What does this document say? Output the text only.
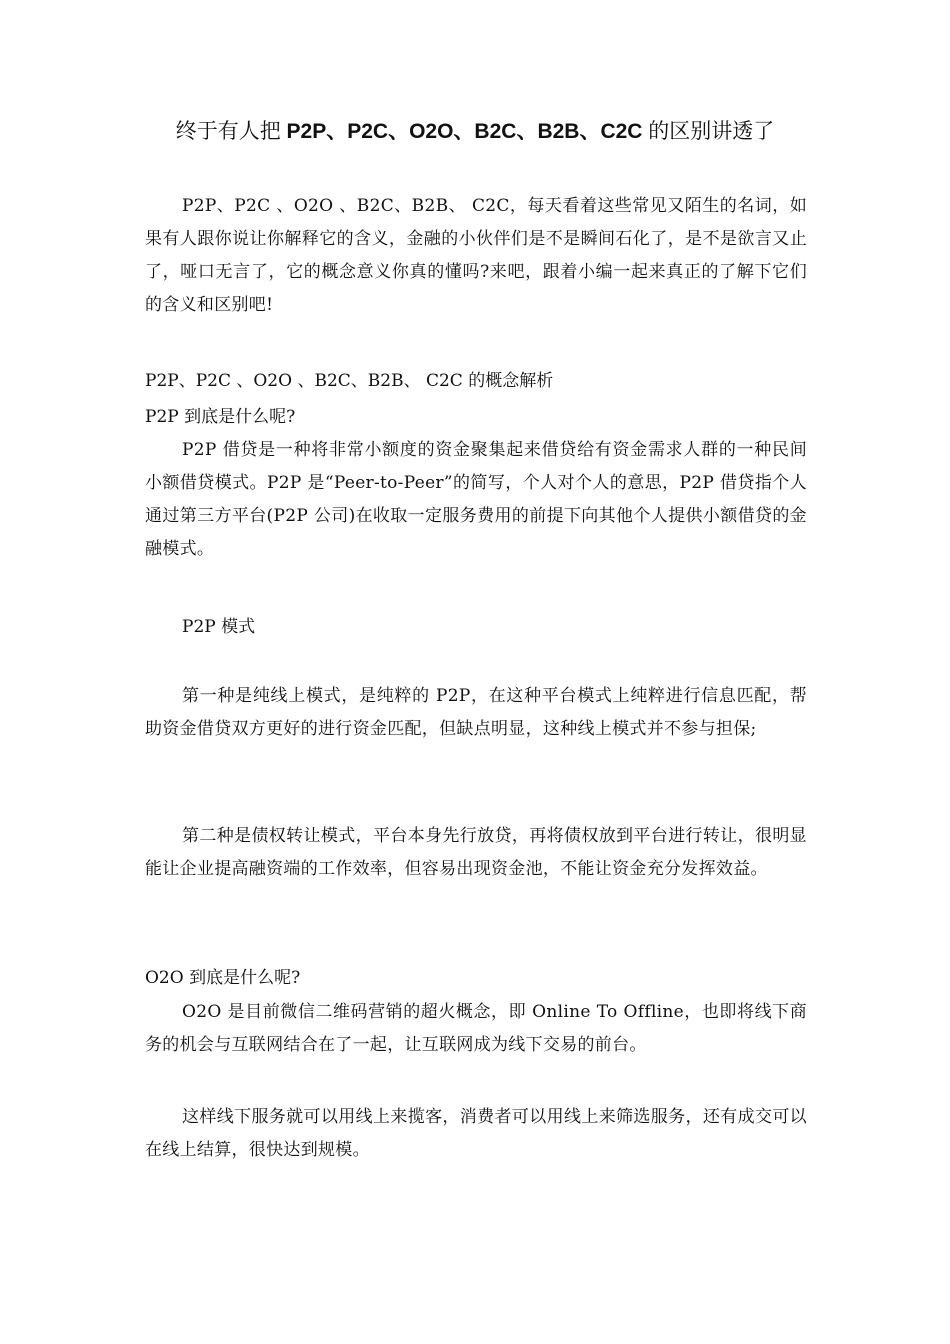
终于有人把 P2P、P2C、O2O、B2C、B2B、C2C 的区别讲透了

P2P、P2C 、O2O 、B2C、B2B、 C2C，每天看着这些常见又陌生的名词，如果有人跟你说让你解释它的含义，金融的小伙伴们是不是瞬间石化了，是不是欲言又止了，哑口无言了，它的概念意义你真的懂吗?来吧，跟着小编一起来真正的了解下它们的含义和区别吧!

P2P、P2C 、O2O 、B2C、B2B、 C2C 的概念解析
P2P 到底是什么呢?

P2P 借贷是一种将非常小额度的资金聚集起来借贷给有资金需求人群的一种民间小额借贷模式。P2P 是“Peer-to-Peer”的简写，个人对个人的意思，P2P 借贷指个人通过第三方平台(P2P 公司)在收取一定服务费用的前提下向其他个人提供小额借贷的金融模式。

P2P 模式

第一种是纯线上模式，是纯粹的 P2P，在这种平台模式上纯粹进行信息匹配，帮助资金借贷双方更好的进行资金匹配，但缺点明显，这种线上模式并不参与担保;

第二种是债权转让模式，平台本身先行放贷，再将债权放到平台进行转让，很明显能让企业提高融资端的工作效率，但容易出现资金池，不能让资金充分发挥效益。

O2O 到底是什么呢?

O2O 是目前微信二维码营销的超火概念，即 Online To Offline，也即将线下商务的机会与互联网结合在了一起，让互联网成为线下交易的前台。

这样线下服务就可以用线上来揽客，消费者可以用线上来筛选服务，还有成交可以在线上结算，很快达到规模。
